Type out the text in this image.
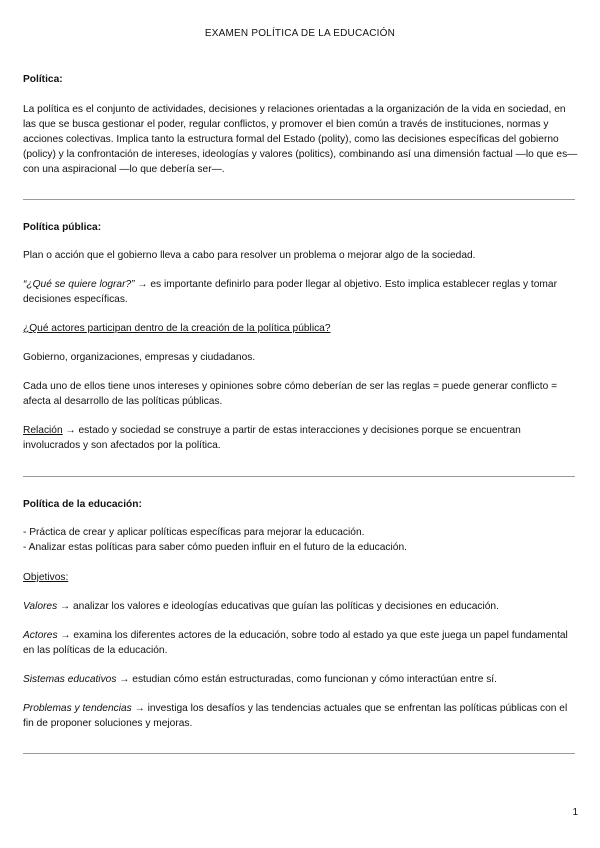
EXAMEN POLÍTICA DE LA EDUCACIÓN

Política:

La política es el conjunto de actividades, decisiones y relaciones orientadas a la organización de la vida en sociedad, en las que se busca gestionar el poder, regular conflictos, y promover el bien común a través de instituciones, normas y acciones colectivas. Implica tanto la estructura formal del Estado (polity), como las decisiones específicas del gobierno (policy) y la confrontación de intereses, ideologías y valores (politics), combinando así una dimensión factual —lo que es— con una aspiracional —lo que debería ser—.

Política pública:

Plan o acción que el gobierno lleva a cabo para resolver un problema o mejorar algo de la sociedad.

“¿Qué se quiere lograr?” → es importante definirlo para poder llegar al objetivo. Esto implica establecer reglas y tomar decisiones específicas.

¿Qué actores participan dentro de la creación de la política pública?

Gobierno, organizaciones, empresas y ciudadanos.

Cada uno de ellos tiene unos intereses y opiniones sobre cómo deberían de ser las reglas = puede generar conflicto = afecta al desarrollo de las políticas públicas.

Relación → estado y sociedad se construye a partir de estas interacciones y decisiones porque se encuentran involucrados y son afectados por la política.

Política de la educación:

- Práctica de crear y aplicar políticas específicas para mejorar la educación.

- Analizar estas políticas para saber cómo pueden influir en el futuro de la educación.

Objetivos:

Valores → analizar los valores e ideologías educativas que guían las políticas y decisiones en educación.

Actores → examina los diferentes actores de la educación, sobre todo al estado ya que este juega un papel fundamental en las políticas de la educación.

Sistemas educativos → estudian cómo están estructuradas, como funcionan y cómo interactúan entre sí.

Problemas y tendencias → investiga los desafíos y las tendencias actuales que se enfrentan las políticas públicas con el fin de proponer soluciones y mejoras.

1
